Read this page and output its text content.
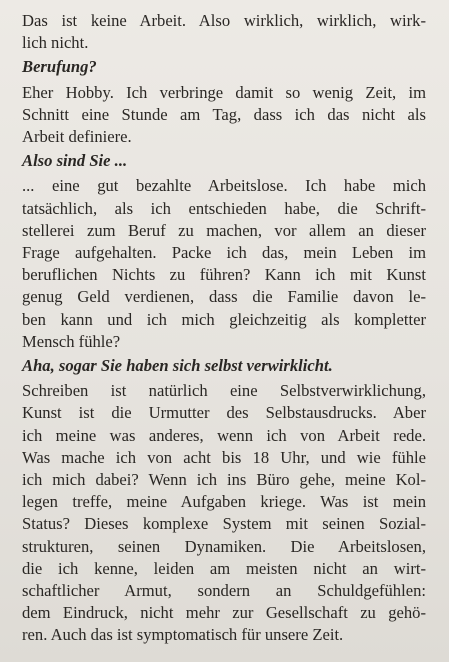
Das ist keine Arbeit. Also wirklich, wirklich, wirk-
lich nicht.
Berufung?
Eher Hobby. Ich verbringe damit so wenig Zeit, im
Schnitt eine Stunde am Tag, dass ich das nicht als
Arbeit definiere.
Also sind Sie ...
... eine gut bezahlte Arbeitslose. Ich habe mich
tatsächlich, als ich entschieden habe, die Schrift-
stellerei zum Beruf zu machen, vor allem an dieser
Frage aufgehalten. Packe ich das, mein Leben im
beruflichen Nichts zu führen? Kann ich mit Kunst
genug Geld verdienen, dass die Familie davon le-
ben kann und ich mich gleichzeitig als kompletter
Mensch fühle?
Aha, sogar Sie haben sich selbst verwirklicht.
Schreiben ist natürlich eine Selbstverwirklichung,
Kunst ist die Urmutter des Selbstausdrucks. Aber
ich meine was anderes, wenn ich von Arbeit rede.
Was mache ich von acht bis 18 Uhr, und wie fühle
ich mich dabei? Wenn ich ins Büro gehe, meine Kol-
legen treffe, meine Aufgaben kriege. Was ist mein
Status? Dieses komplexe System mit seinen Sozial-
strukturen, seinen Dynamiken. Die Arbeitslosen,
die ich kenne, leiden am meisten nicht an wirt-
schaftlicher Armut, sondern an Schuldgefühlen:
dem Eindruck, nicht mehr zur Gesellschaft zu gehö-
ren. Auch das ist symptomatisch für unsere Zeit.
